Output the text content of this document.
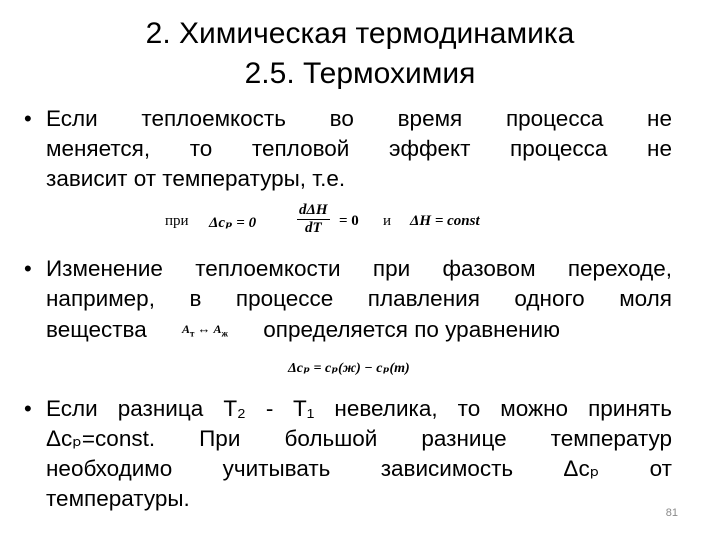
2. Химическая термодинамика
2.5. Термохимия
• Если теплоемкость во время процесса не
меняется, то тепловой эффект процесса не
зависит от температуры, т.е.
при Δcₚ = 0
dΔH
dT	= 0 и ΔH = const
• Изменение теплоемкости при фазовом переходе,
например, в процессе плавления одного моля
вещества	$A_т$ ↔ $A_ж$ определяется по уравнению
Δcₚ = cₚ(ж) − cₚ(т)
• Если разница T₂ - T₁ невелика, то можно принять
Δcₚ=const. При большой разнице температур
необходимо учитывать зависимость Δcₚ от
температуры.
81
